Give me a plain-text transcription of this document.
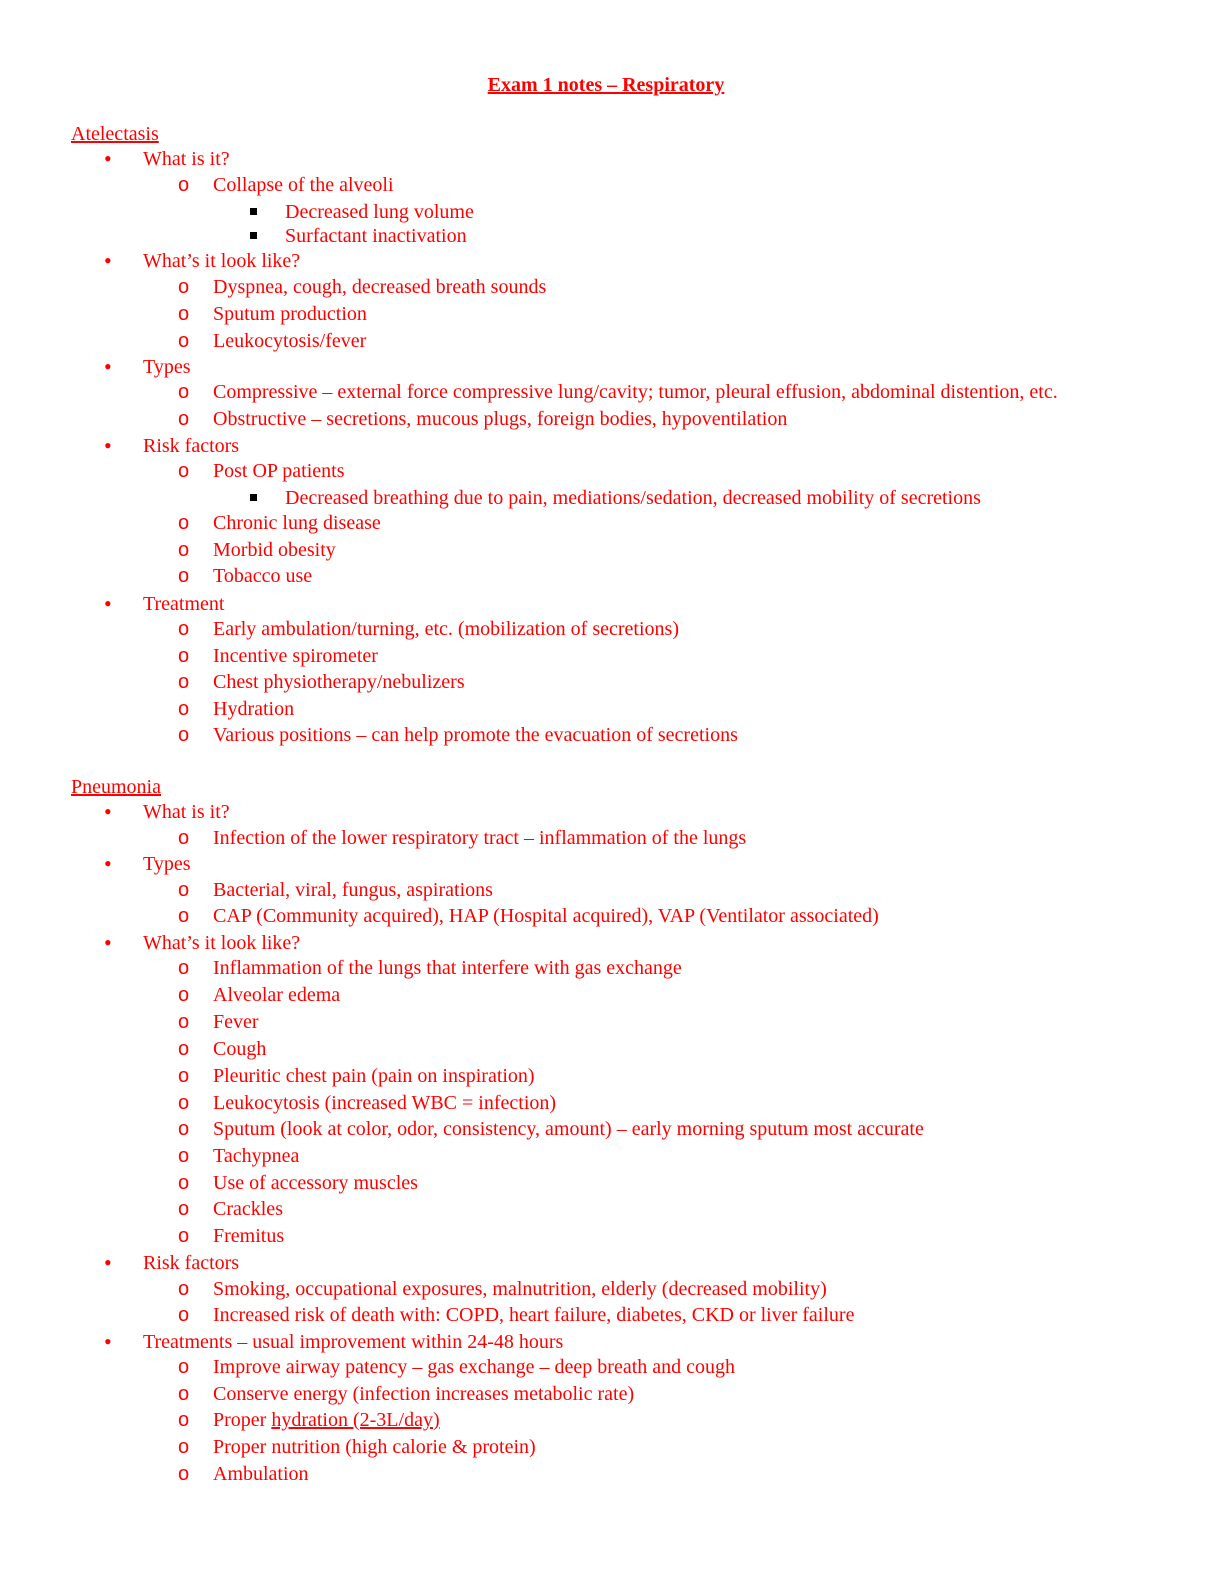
Exam 1 notes – Respiratory
Atelectasis
• What is it?
o Collapse of the alveoli
Decreased lung volume
Surfactant inactivation
• What’s it look like?
o Dyspnea, cough, decreased breath sounds
o Sputum production
o Leukocytosis/fever
• Types
o Compressive – external force compressive lung/cavity; tumor, pleural effusion, abdominal distention, etc.
o Obstructive – secretions, mucous plugs, foreign bodies, hypoventilation
• Risk factors
o Post OP patients
Decreased breathing due to pain, mediations/sedation, decreased mobility of secretions
o Chronic lung disease
o Morbid obesity
o Tobacco use
• Treatment
o Early ambulation/turning, etc. (mobilization of secretions)
o Incentive spirometer
o Chest physiotherapy/nebulizers
o Hydration
o Various positions – can help promote the evacuation of secretions
Pneumonia
• What is it?
o Infection of the lower respiratory tract – inflammation of the lungs
• Types
o Bacterial, viral, fungus, aspirations
o CAP (Community acquired), HAP (Hospital acquired), VAP (Ventilator associated)
• What’s it look like?
o Inflammation of the lungs that interfere with gas exchange
o Alveolar edema
o Fever
o Cough
o Pleuritic chest pain (pain on inspiration)
o Leukocytosis (increased WBC = infection)
o Sputum (look at color, odor, consistency, amount) – early morning sputum most accurate
o Tachypnea
o Use of accessory muscles
o Crackles
o Fremitus
• Risk factors
o Smoking, occupational exposures, malnutrition, elderly (decreased mobility)
o Increased risk of death with: COPD, heart failure, diabetes, CKD or liver failure
• Treatments – usual improvement within 24-48 hours
o Improve airway patency – gas exchange – deep breath and cough
o Conserve energy (infection increases metabolic rate)
o Proper hydration (2-3L/day)
o Proper nutrition (high calorie & protein)
o Ambulation
